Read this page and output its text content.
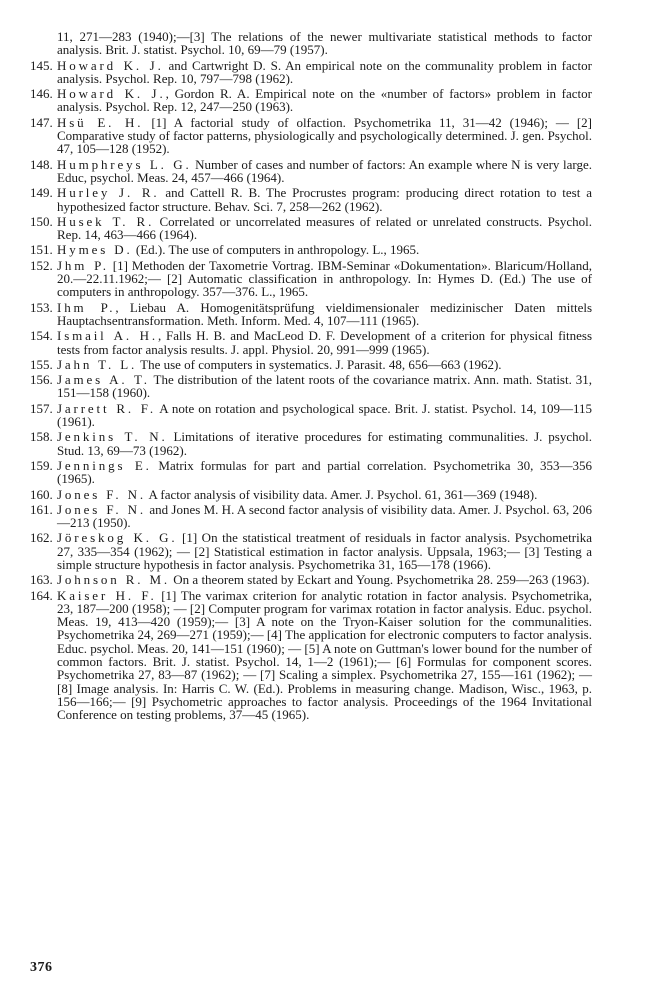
11, 271—283 (1940);—[3] The relations of the newer multivariate statistical methods to factor analysis. Brit. J. statist. Psychol. 10, 69—79 (1957).

145. Howard K. J. and Cartwright D. S. An empirical note on the communality problem in factor analysis. Psychol. Rep. 10, 797—798 (1962).
146. Howard K. J., Gordon R. A. Empirical note on the «number of factors» problem in factor analysis. Psychol. Rep. 12, 247—250 (1963).
147. Hsü E. H. [1] A factorial study of olfaction. Psychometrika 11, 31—42 (1946); — [2] Comparative study of factor patterns, physiologically and psychologically determined. J. gen. Psychol. 47, 105—128 (1952).
148. Humphreys L. G. Number of cases and number of factors: An example where N is very large. Educ, psychol. Meas. 24, 457—466 (1964).
149. Hurley J. R. and Cattell R. B. The Procrustes program: producing direct rotation to test a hypothesized factor structure. Behav. Sci. 7, 258—262 (1962).
150. Husek T. R. Correlated or uncorrelated measures of related or unrelated constructs. Psychol. Rep. 14, 463—466 (1964).
151. Hymes D. (Ed.). The use of computers in anthropology. L., 1965.
152. Jhm P. [1] Methoden der Taxometrie Vortrag. IBM-Seminar «Dokumentation». Blaricum/Holland, 20.—22.11.1962;— [2] Automatic classification in anthropology. In: Hymes D. (Ed.) The use of computers in anthropology. 357—376. L., 1965.
153. Ihm P., Liebau A. Homogenitätsprüfung vieldimensionaler medizinischer Daten mittels Hauptachsentransformation. Meth. Inform. Med. 4, 107—111 (1965).
154. Ismail A. H., Falls H. B. and MacLeod D. F. Development of a criterion for physical fitness tests from factor analysis results. J. appl. Physiol. 20, 991—999 (1965).
155. Jahn T. L. The use of computers in systematics. J. Parasit. 48, 656—663 (1962).
156. James A. T. The distribution of the latent roots of the covariance matrix. Ann. math. Statist. 31, 151—158 (1960).
157. Jarrett R. F. A note on rotation and psychological space. Brit. J. statist. Psychol. 14, 109—115 (1961).
158. Jenkins T. N. Limitations of iterative procedures for estimating communalities. J. psychol. Stud. 13, 69—73 (1962).
159. Jennings E. Matrix formulas for part and partial correlation. Psychometrika 30, 353—356 (1965).
160. Jones F. N. A factor analysis of visibility data. Amer. J. Psychol. 61, 361—369 (1948).
161. Jones F. N. and Jones M. H. A second factor analysis of visibility data. Amer. J. Psychol. 63, 206—213 (1950).
162. Jöreskog K. G. [1] On the statistical treatment of residuals in factor analysis. Psychometrika 27, 335—354 (1962); — [2] Statistical estimation in factor analysis. Uppsala, 1963;— [3] Testing a simple structure hypothesis in factor analysis. Psychometrika 31, 165—178 (1966).
163. Johnson R. M. On a theorem stated by Eckart and Young. Psychometrika 28. 259—263 (1963).
164. Kaiser H. F. [1] The varimax criterion for analytic rotation in factor analysis. Psychometrika, 23, 187—200 (1958); — [2] Computer program for varimax rotation in factor analysis. Educ. psychol. Meas. 19, 413—420 (1959);— [3] A note on the Tryon-Kaiser solution for the communalities. Psychometrika 24, 269—271 (1959);— [4] The application for electronic computers to factor analysis. Educ. psychol. Meas. 20, 141—151 (1960); — [5] A note on Guttman's lower bound for the number of common factors. Brit. J. statist. Psychol. 14, 1—2 (1961);— [6] Formulas for component scores. Psychometrika 27, 83—87 (1962); — [7] Scaling a simplex. Psychometrika 27, 155—161 (1962); — [8] Image analysis. In: Harris C. W. (Ed.). Problems in measuring change. Madison, Wisc., 1963, p. 156—166;— [9] Psychometric approaches to factor analysis. Proceedings of the 1964 Invitational Conference on testing problems, 37—45 (1965).
376
